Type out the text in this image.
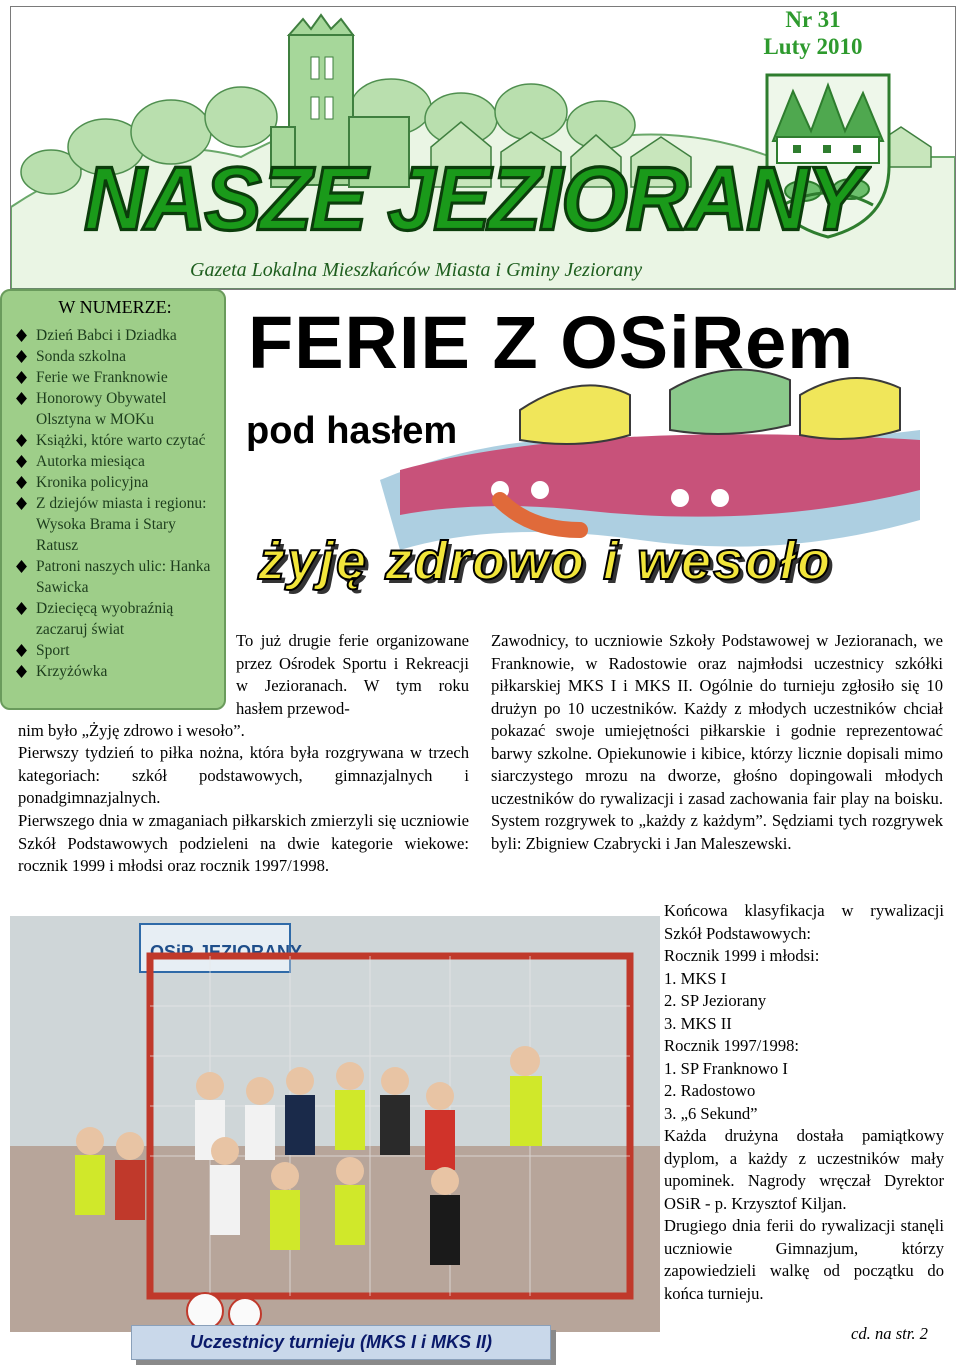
Nr 31
Luty 2010
NASZE JEZIORANY
Gazeta Lokalna Mieszkańców Miasta i Gminy Jeziorany
W NUMERZE:
Dzień Babci i Dziadka
Sonda szkolna
Ferie we Franknowie
Honorowy Obywatel Olsztyna w MOKu
Książki, które warto czytać
Autorka miesiąca
Kronika policyjna
Z dziejów miasta i regionu: Wysoka Brama i Stary Ratusz
Patroni naszych ulic: Hanka Sawicka
Dziecięcą wyobraźnią zaczaruj świat
Sport
Krzyżówka
FERIE Z OSiRem
pod hasłem
żyję zdrowo i wesoło
To już drugie ferie organizowane przez Ośrodek Sportu i Rekreacji w Jezioranach. W tym roku hasłem przewod-
nim było „Żyję zdrowo i wesoło”.
Pierwszy tydzień to piłka nożna, która była rozgrywana w trzech kategoriach: szkół podstawowych, gimnazjalnych i ponadgimnazjalnych.
Pierwszego dnia w zmaganiach piłkarskich zmierzyli się uczniowie Szkół Podstawowych podzieleni na dwie kategorie wiekowe: rocznik 1999 i młodsi oraz rocznik 1997/1998.
Zawodnicy, to uczniowie Szkoły Podstawowej w Jezioranach, we Franknowie, w Radostowie oraz najmłodsi uczestnicy szkółki piłkarskiej MKS I i MKS II. Ogólnie do turnieju zgłosiło się 10 drużyn po 10 uczestników. Każdy z młodych uczestników chciał pokazać swoje umiejętności piłkarskie i godnie reprezentować barwy szkolne. Opiekunowie i kibice, którzy licznie dopisali mimo siarczystego mrozu na dworze, głośno dopingowali młodych uczestników do rywalizacji i zasad zachowania fair play na boisku. System rozgrywek to „każdy z każdym”. Sędziami tych rozgrywek byli: Zbigniew Czabrycki i Jan Maleszewski.
Końcowa klasyfikacja w rywalizacji Szkół Podstawowych:
Rocznik 1999 i młodsi:
1. MKS I
2. SP Jeziorany
3. MKS II
Rocznik 1997/1998:
1. SP Franknowo I
2. Radostowo
3. „6 Sekund”
Każda drużyna dostała pamiątkowy dyplom, a każdy z uczestników mały upominek. Nagrody wręczał Dyrektor OSiR - p. Krzysztof Kiljan.
Drugiego dnia ferii do rywalizacji stanęli uczniowie Gimnazjum, którzy zapowiedzieli walkę od początku do końca turnieju.
cd. na str. 2
OSiR JEZIORANY
Uczestnicy turnieju (MKS I i MKS II)
